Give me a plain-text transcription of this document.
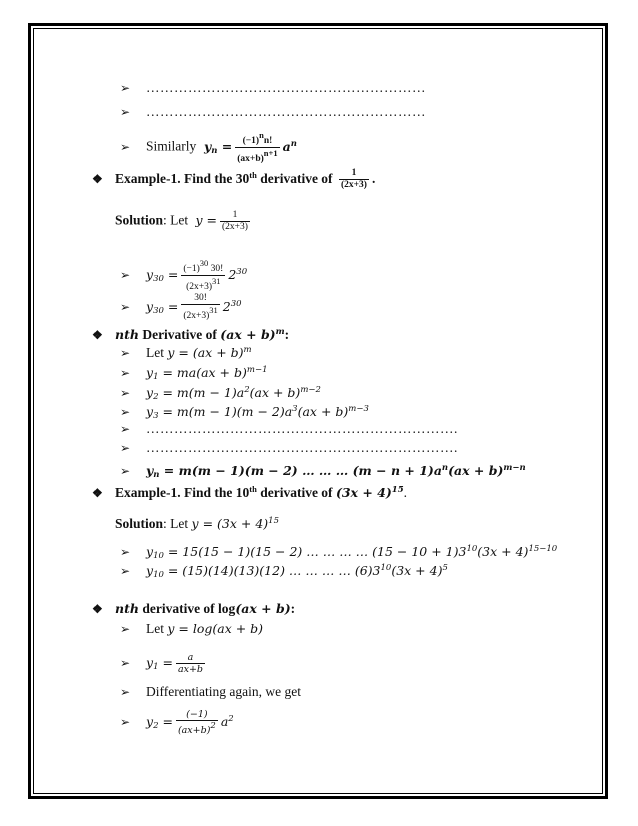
➢ ……………………………………………………
➢ ……………………………………………………
➢ Similarly  $y_n = \frac{(-1)^nn!}{(ax+b)^{n+1}} a^n$
❖ Example-1. Find the 30th derivative of $\frac{1}{(2x+3)}$ .
Solution: Let  $y = \frac{1}{(2x+3)}$
➢ $y_{30} = \frac{(-1)^{30} 30!}{(2x+3)^{31}} 2^{30}$
➢ $y_{30} = \frac{30!}{(2x+3)^{31}} 2^{30}$
❖ nth Derivative of (ax + b)$^m$:
➢ Let y = (ax + b)$^m$
➢ $y_1 = ma(ax + b)^{m-1}$
➢ $y_2 = m(m - 1)a^2(ax + b)^{m-2}$
➢ $y_3 = m(m - 1)(m - 2)a^3(ax + b)^{m-3}$
➢ ………………………………………………………….
➢ ………………………………………………………….
➢ $y_n = m(m - 1)(m - 2)$ … … … $(m - n + 1)a^n(ax + b)^{m-n}$
❖ Example-1. Find the 10th derivative of $(3x + 4)^{15}$.
Solution: Let $y = (3x + 4)^{15}$
➢ $y_{10} = 15(15 - 1)(15 - 2)$ … … … … $(15 - 10 + 1)3^{10}(3x + 4)^{15-10}$
➢ $y_{10} = (15)(14)(13)(12)$ … … … … $(6)3^{10}(3x + 4)^5$
❖ nth derivative of log(ax + b):
➢ Let y = log(ax + b)
➢ $y_1 = \frac{a}{ax+b}$
➢ Differentiating again, we get
➢ $y_2 = \frac{(-1)}{(ax+b)^2} a^2$
